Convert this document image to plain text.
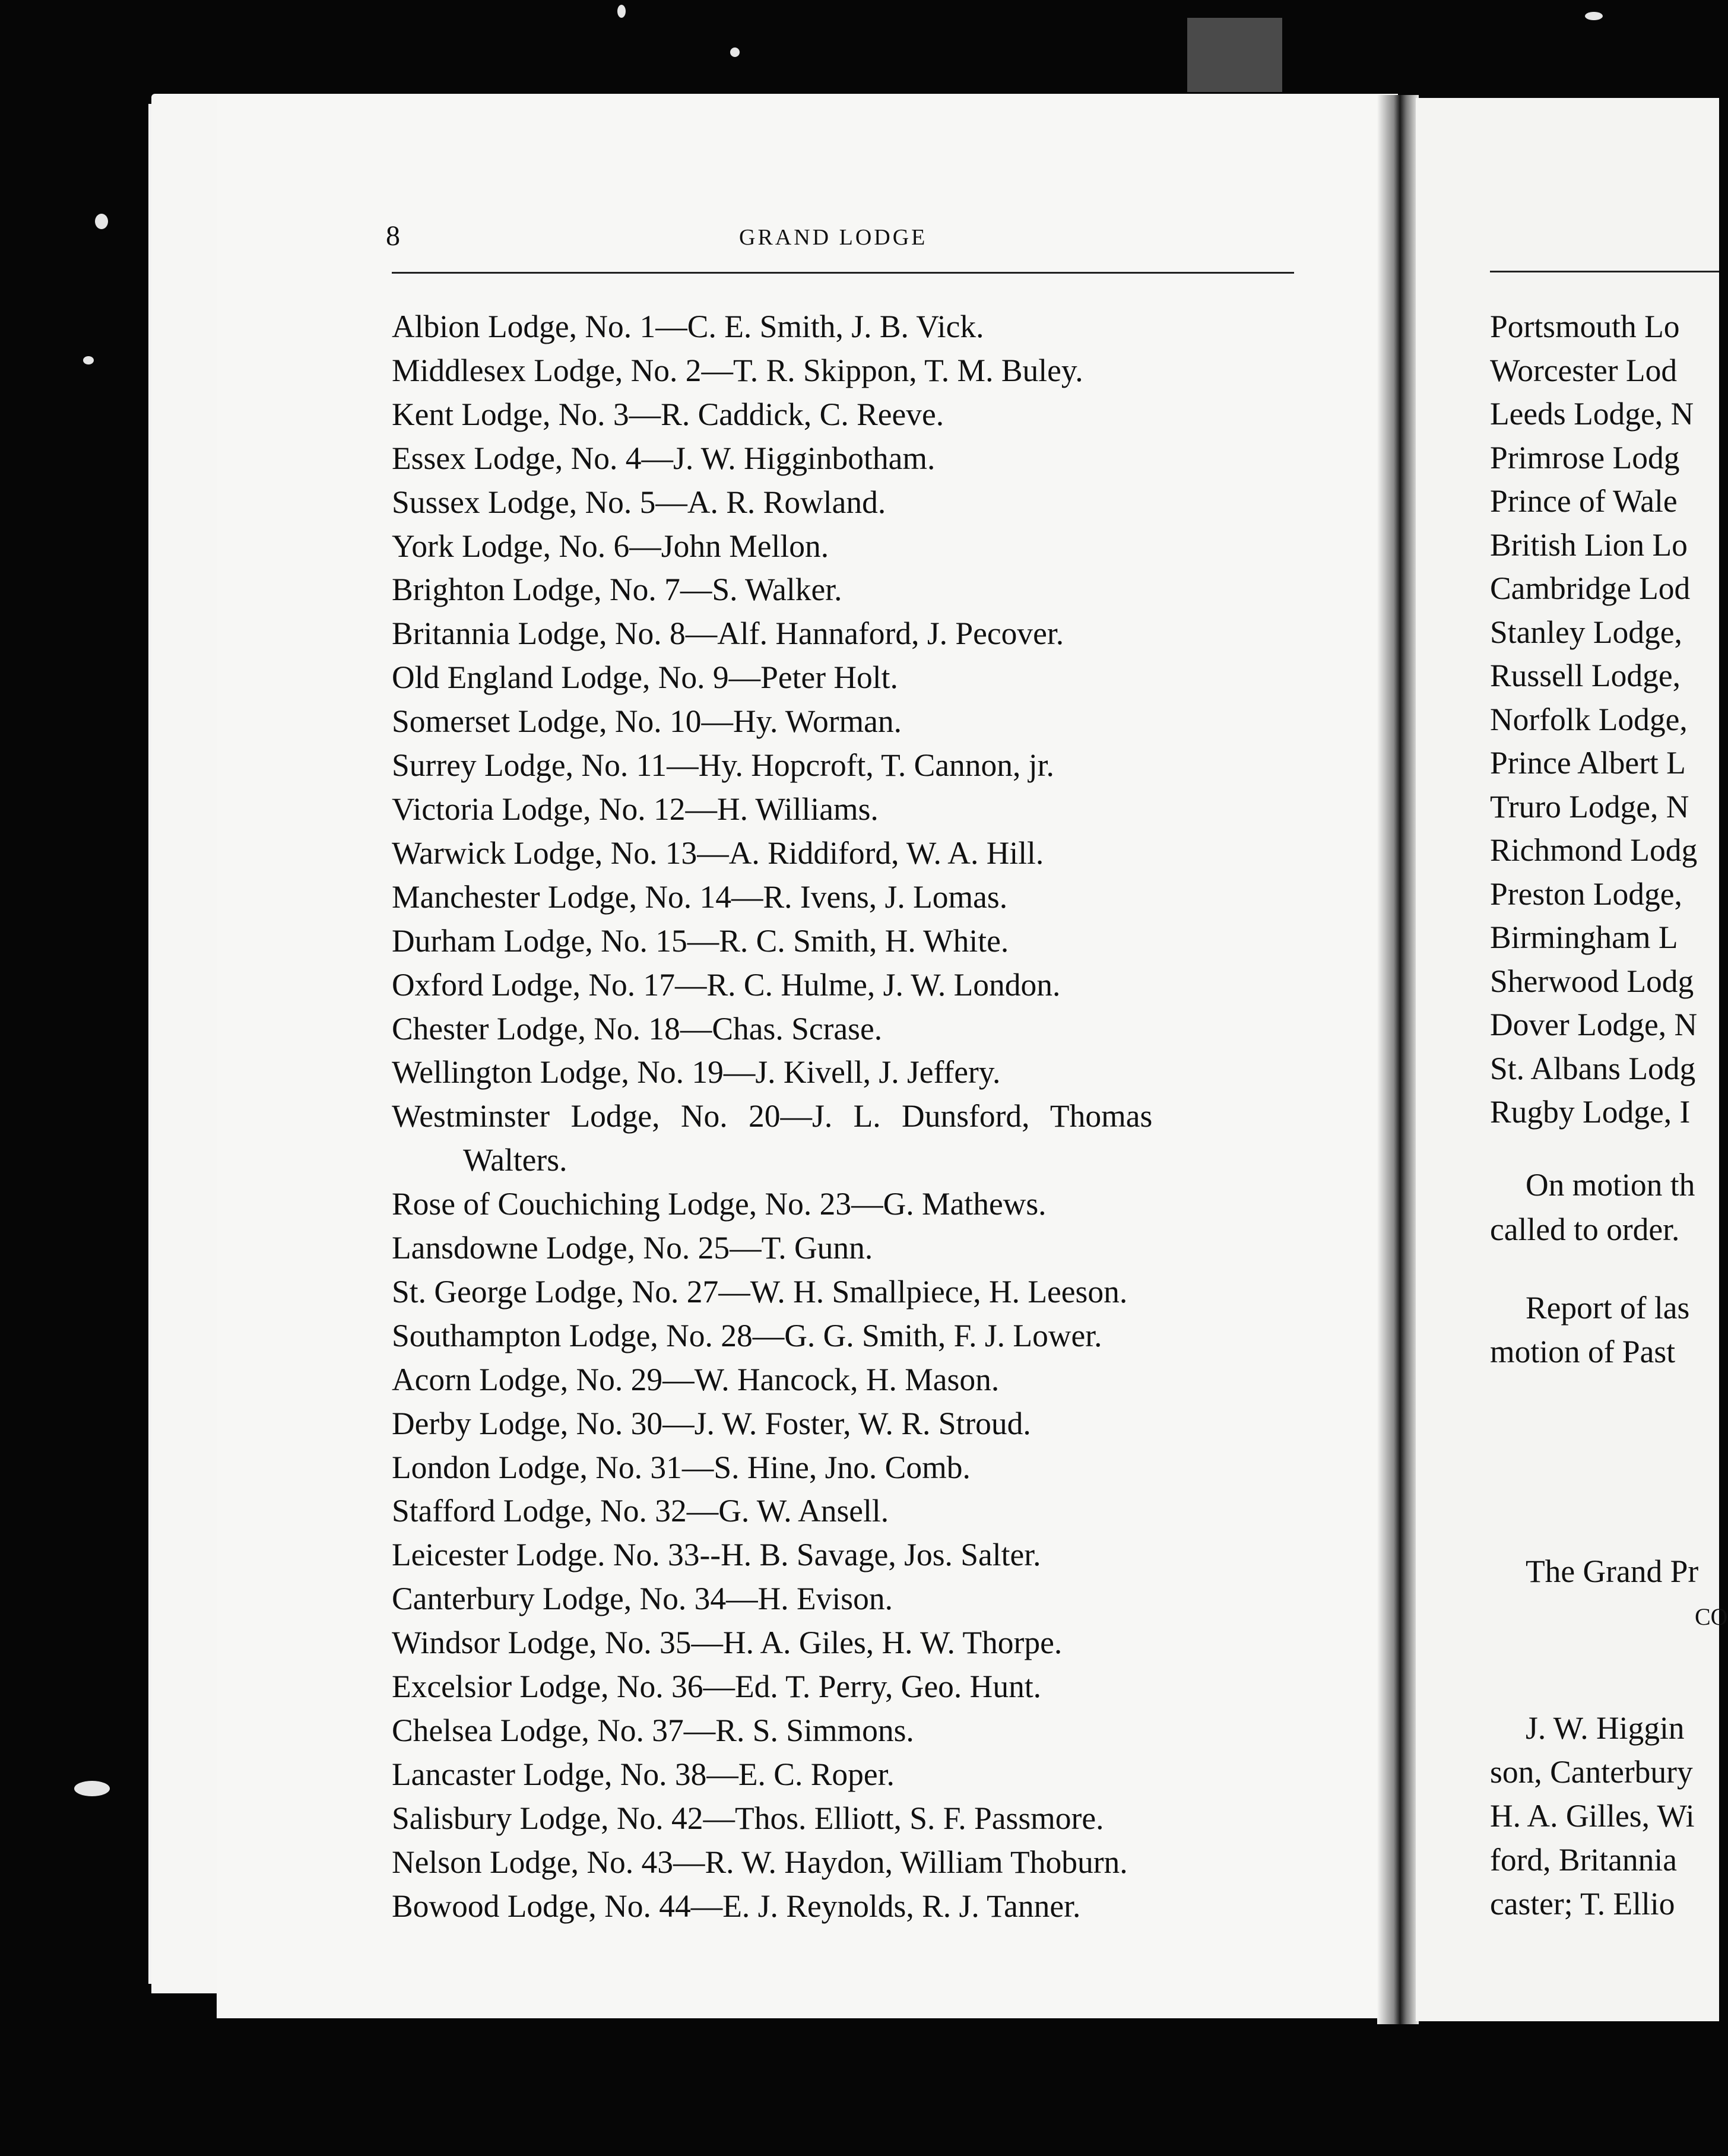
8	GRAND LODGE
Albion Lodge, No. 1—C. E. Smith, J. B. Vick.
Middlesex Lodge, No. 2—T. R. Skippon, T. M. Buley.
Kent Lodge, No. 3—R. Caddick, C. Reeve.
Essex Lodge, No. 4—J. W. Higginbotham.
Sussex Lodge, No. 5—A. R. Rowland.
York Lodge, No. 6—John Mellon.
Brighton Lodge, No. 7—S. Walker.
Britannia Lodge, No. 8—Alf. Hannaford, J. Pecover.
Old England Lodge, No. 9—Peter Holt.
Somerset Lodge, No. 10—Hy. Worman.
Surrey Lodge, No. 11—Hy. Hopcroft, T. Cannon, jr.
Victoria Lodge, No. 12—H. Williams.
Warwick Lodge, No. 13—A. Riddiford, W. A. Hill.
Manchester Lodge, No. 14—R. Ivens, J. Lomas.
Durham Lodge, No. 15—R. C. Smith, H. White.
Oxford Lodge, No. 17—R. C. Hulme, J. W. London.
Chester Lodge, No. 18—Chas. Scrase.
Wellington Lodge, No. 19—J. Kivell, J. Jeffery.
Westminster Lodge, No. 20—J. L. Dunsford, Thomas
Walters.
Rose of Couchiching Lodge, No. 23—G. Mathews.
Lansdowne Lodge, No. 25—T. Gunn.
St. George Lodge, No. 27—W. H. Smallpiece, H. Leeson.
Southampton Lodge, No. 28—G. G. Smith, F. J. Lower.
Acorn Lodge, No. 29—W. Hancock, H. Mason.
Derby Lodge, No. 30—J. W. Foster, W. R. Stroud.
London Lodge, No. 31—S. Hine, Jno. Comb.
Stafford Lodge, No. 32—G. W. Ansell.
Leicester Lodge. No. 33--H. B. Savage, Jos. Salter.
Canterbury Lodge, No. 34—H. Evison.
Windsor Lodge, No. 35—H. A. Giles, H. W. Thorpe.
Excelsior Lodge, No. 36—Ed. T. Perry, Geo. Hunt.
Chelsea Lodge, No. 37—R. S. Simmons.
Lancaster Lodge, No. 38—E. C. Roper.
Salisbury Lodge, No. 42—Thos. Elliott, S. F. Passmore.
Nelson Lodge, No. 43—R. W. Haydon, William Thoburn.
Bowood Lodge, No. 44—E. J. Reynolds, R. J. Tanner.
Portsmouth Lo
Worcester Lod
Leeds Lodge, N
Primrose Lodg
Prince of Wale
British Lion Lo
Cambridge Lod
Stanley Lodge,
Russell Lodge,
Norfolk Lodge,
Prince Albert L
Truro Lodge, N
Richmond Lodg
Preston Lodge,
Birmingham L
Sherwood Lodg
Dover Lodge, N
St. Albans Lodg
Rugby Lodge, I
On motion th
called to order.
Report of las
motion of Past
The Grand Pr
CO
J. W. Higgin
son, Canterbury
H. A. Gilles, Wi
ford, Britannia
caster; T. Ellio
